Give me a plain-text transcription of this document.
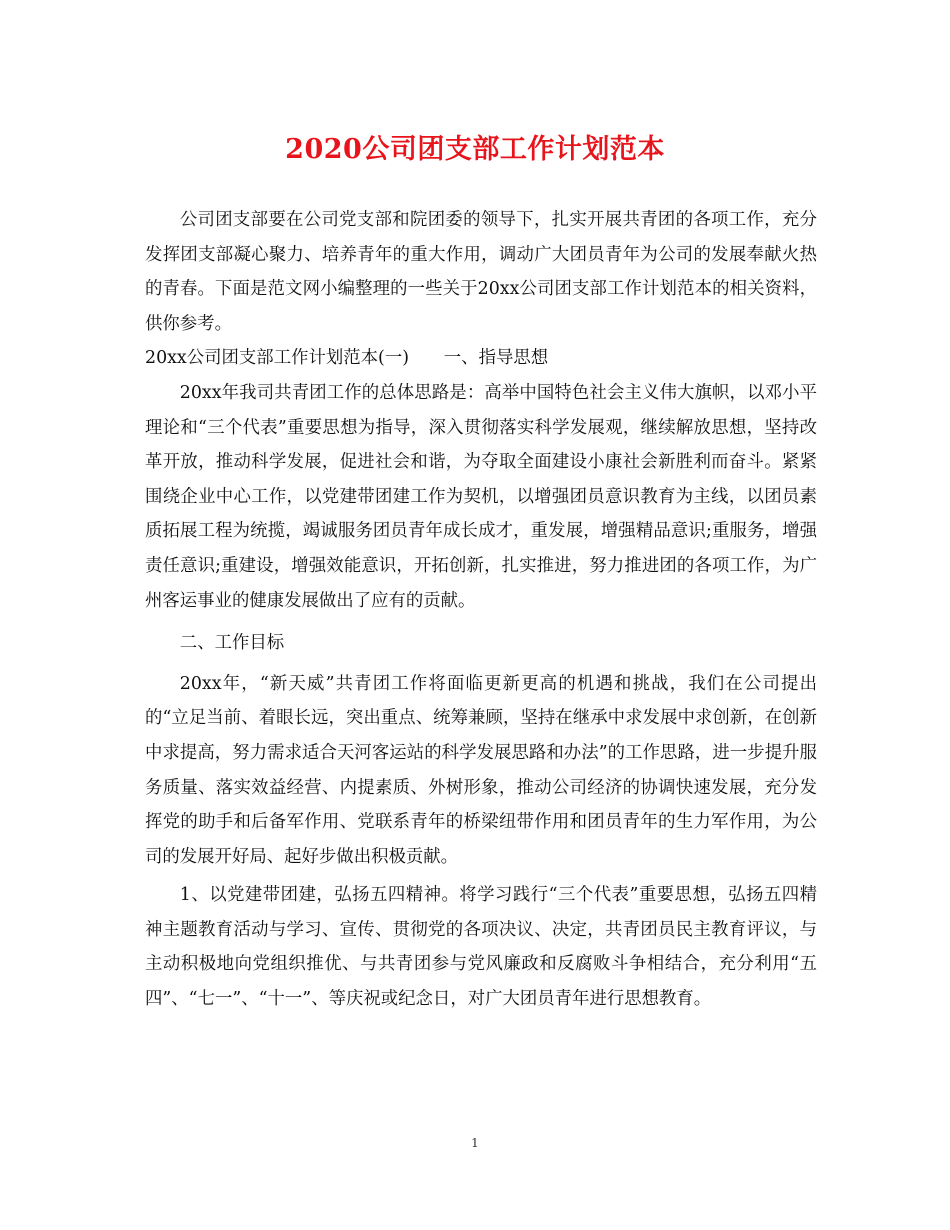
2020公司团支部工作计划范本

公司团支部要在公司党支部和院团委的领导下，扎实开展共青团的各项工作，充分发挥团支部凝心聚力、培养青年的重大作用，调动广大团员青年为公司的发展奉献火热的青春。下面是范文网小编整理的一些关于20xx公司团支部工作计划范本的相关资料，供你参考。

20xx公司团支部工作计划范本(一)　　一、指导思想

20xx年我司共青团工作的总体思路是：高举中国特色社会主义伟大旗帜，以邓小平理论和“三个代表”重要思想为指导，深入贯彻落实科学发展观，继续解放思想，坚持改革开放，推动科学发展，促进社会和谐，为夺取全面建设小康社会新胜利而奋斗。紧紧围绕企业中心工作，以党建带团建工作为契机，以增强团员意识教育为主线，以团员素质拓展工程为统揽，竭诚服务团员青年成长成才，重发展，增强精品意识;重服务，增强责任意识;重建设，增强效能意识，开拓创新，扎实推进，努力推进团的各项工作，为广州客运事业的健康发展做出了应有的贡献。

二、工作目标

20xx年，“新天威”共青团工作将面临更新更高的机遇和挑战，我们在公司提出的“立足当前、着眼长远，突出重点、统筹兼顾，坚持在继承中求发展中求创新，在创新中求提高，努力需求适合天河客运站的科学发展思路和办法”的工作思路，进一步提升服务质量、落实效益经营、内提素质、外树形象，推动公司经济的协调快速发展，充分发挥党的助手和后备军作用、党联系青年的桥梁纽带作用和团员青年的生力军作用，为公司的发展开好局、起好步做出积极贡献。

1、以党建带团建，弘扬五四精神。将学习践行“三个代表”重要思想，弘扬五四精神主题教育活动与学习、宣传、贯彻党的各项决议、决定，共青团员民主教育评议，与主动积极地向党组织推优、与共青团参与党风廉政和反腐败斗争相结合，充分利用“五四”、“七一”、“十一”、等庆祝或纪念日，对广大团员青年进行思想教育。

1
